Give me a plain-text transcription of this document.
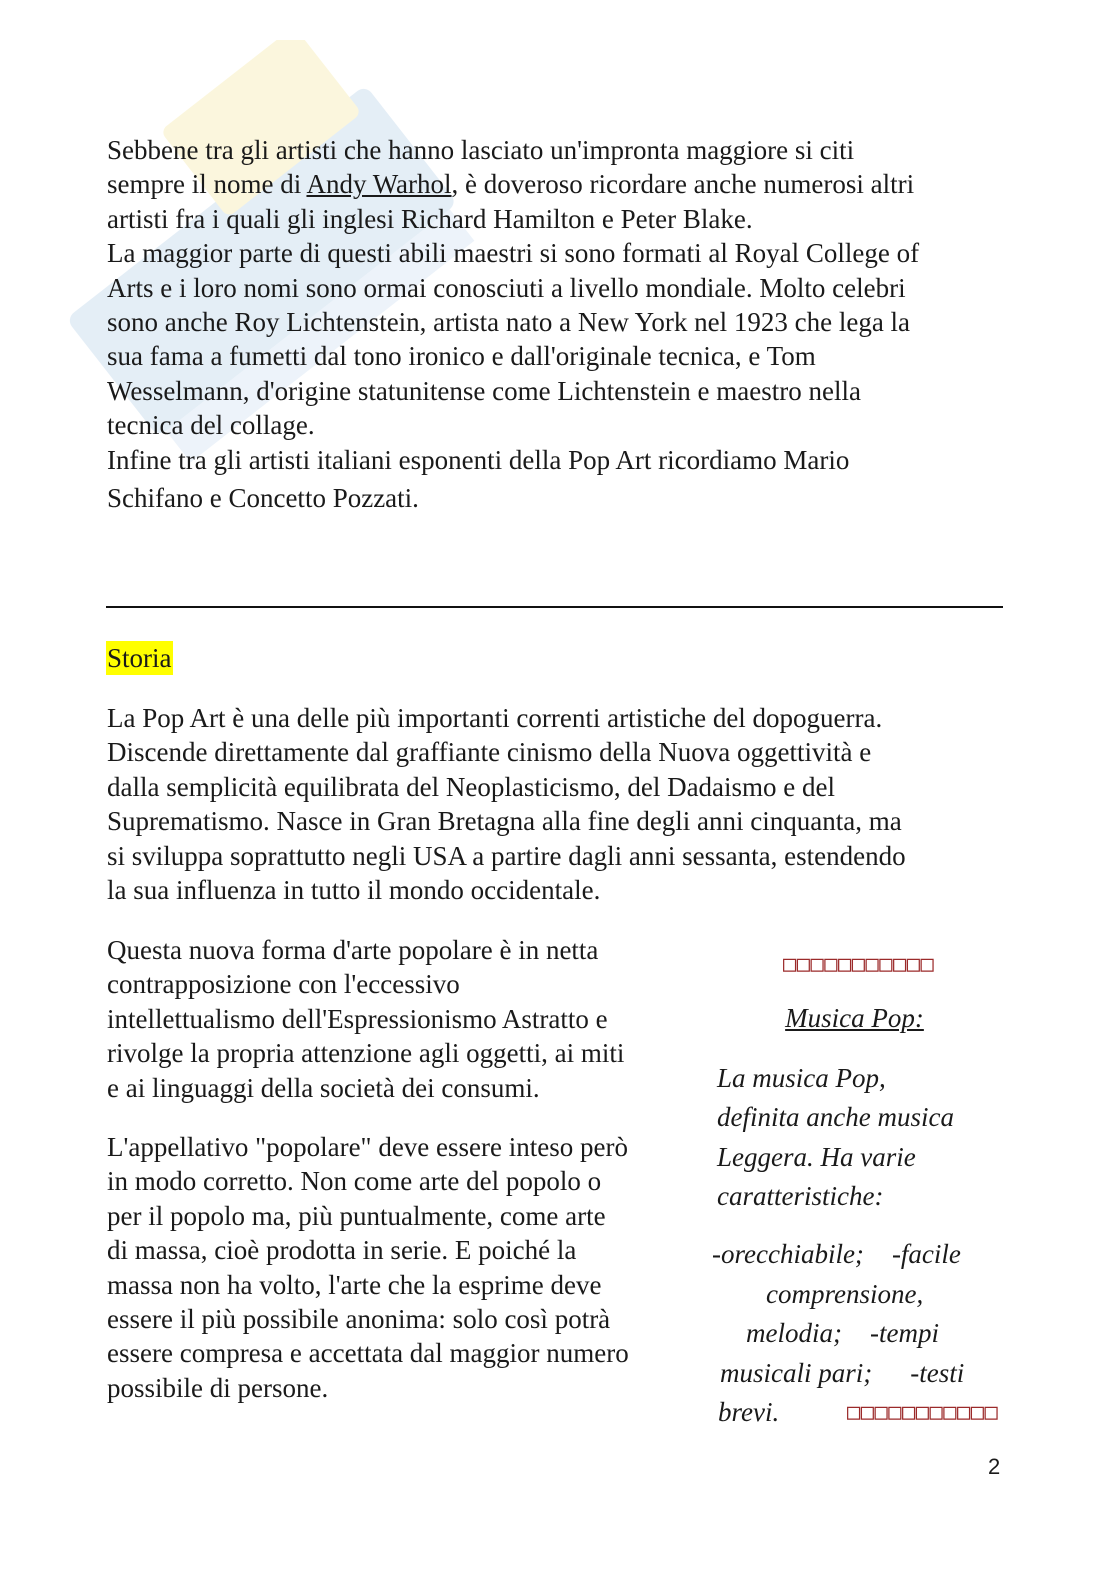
Sebbene tra gli artisti che hanno lasciato un'impronta maggiore si citi
sempre il nome di Andy Warhol, è doveroso ricordare anche numerosi altri
artisti fra i quali gli inglesi Richard Hamilton e Peter Blake.
La maggior parte di questi abili maestri si sono formati al Royal College of
Arts e i loro nomi sono ormai conosciuti a livello mondiale. Molto celebri
sono anche Roy Lichtenstein, artista nato a New York nel 1923 che lega la
sua fama a fumetti dal tono ironico e dall'originale tecnica, e Tom
Wesselmann, d'origine statunitense come Lichtenstein e maestro nella
tecnica del collage.
Infine tra gli artisti italiani esponenti della Pop Art ricordiamo Mario
Schifano e Concetto Pozzati.
Storia
La Pop Art è una delle più importanti correnti artistiche del dopoguerra.
Discende direttamente dal graffiante cinismo della Nuova oggettività e
dalla semplicità equilibrata del Neoplasticismo, del Dadaismo e del
Suprematismo. Nasce in Gran Bretagna alla fine degli anni cinquanta, ma
si sviluppa soprattutto negli USA a partire dagli anni sessanta, estendendo
la sua influenza in tutto il mondo occidentale.
Questa nuova forma d'arte popolare è in netta
contrapposizione con l'eccessivo
intellettualismo dell'Espressionismo Astratto e
rivolge la propria attenzione agli oggetti, ai miti
e ai linguaggi della società dei consumi.
L'appellativo "popolare" deve essere inteso però
in modo corretto. Non come arte del popolo o
per il popolo ma, più puntualmente, come arte
di massa, cioè prodotta in serie. E poiché la
massa non ha volto, l'arte che la esprime deve
essere il più possibile anonima: solo così potrà
essere compresa e accettata dal maggior numero
possibile di persone.
□□□□□□□□□□□
Musica Pop:
La musica Pop,
definita anche musica
Leggera. Ha varie
caratteristiche:
-orecchiabile; -facile
comprensione,
melodia; -tempi
musicali pari; -testi
brevi.	□□□□□□□□□□□
2
